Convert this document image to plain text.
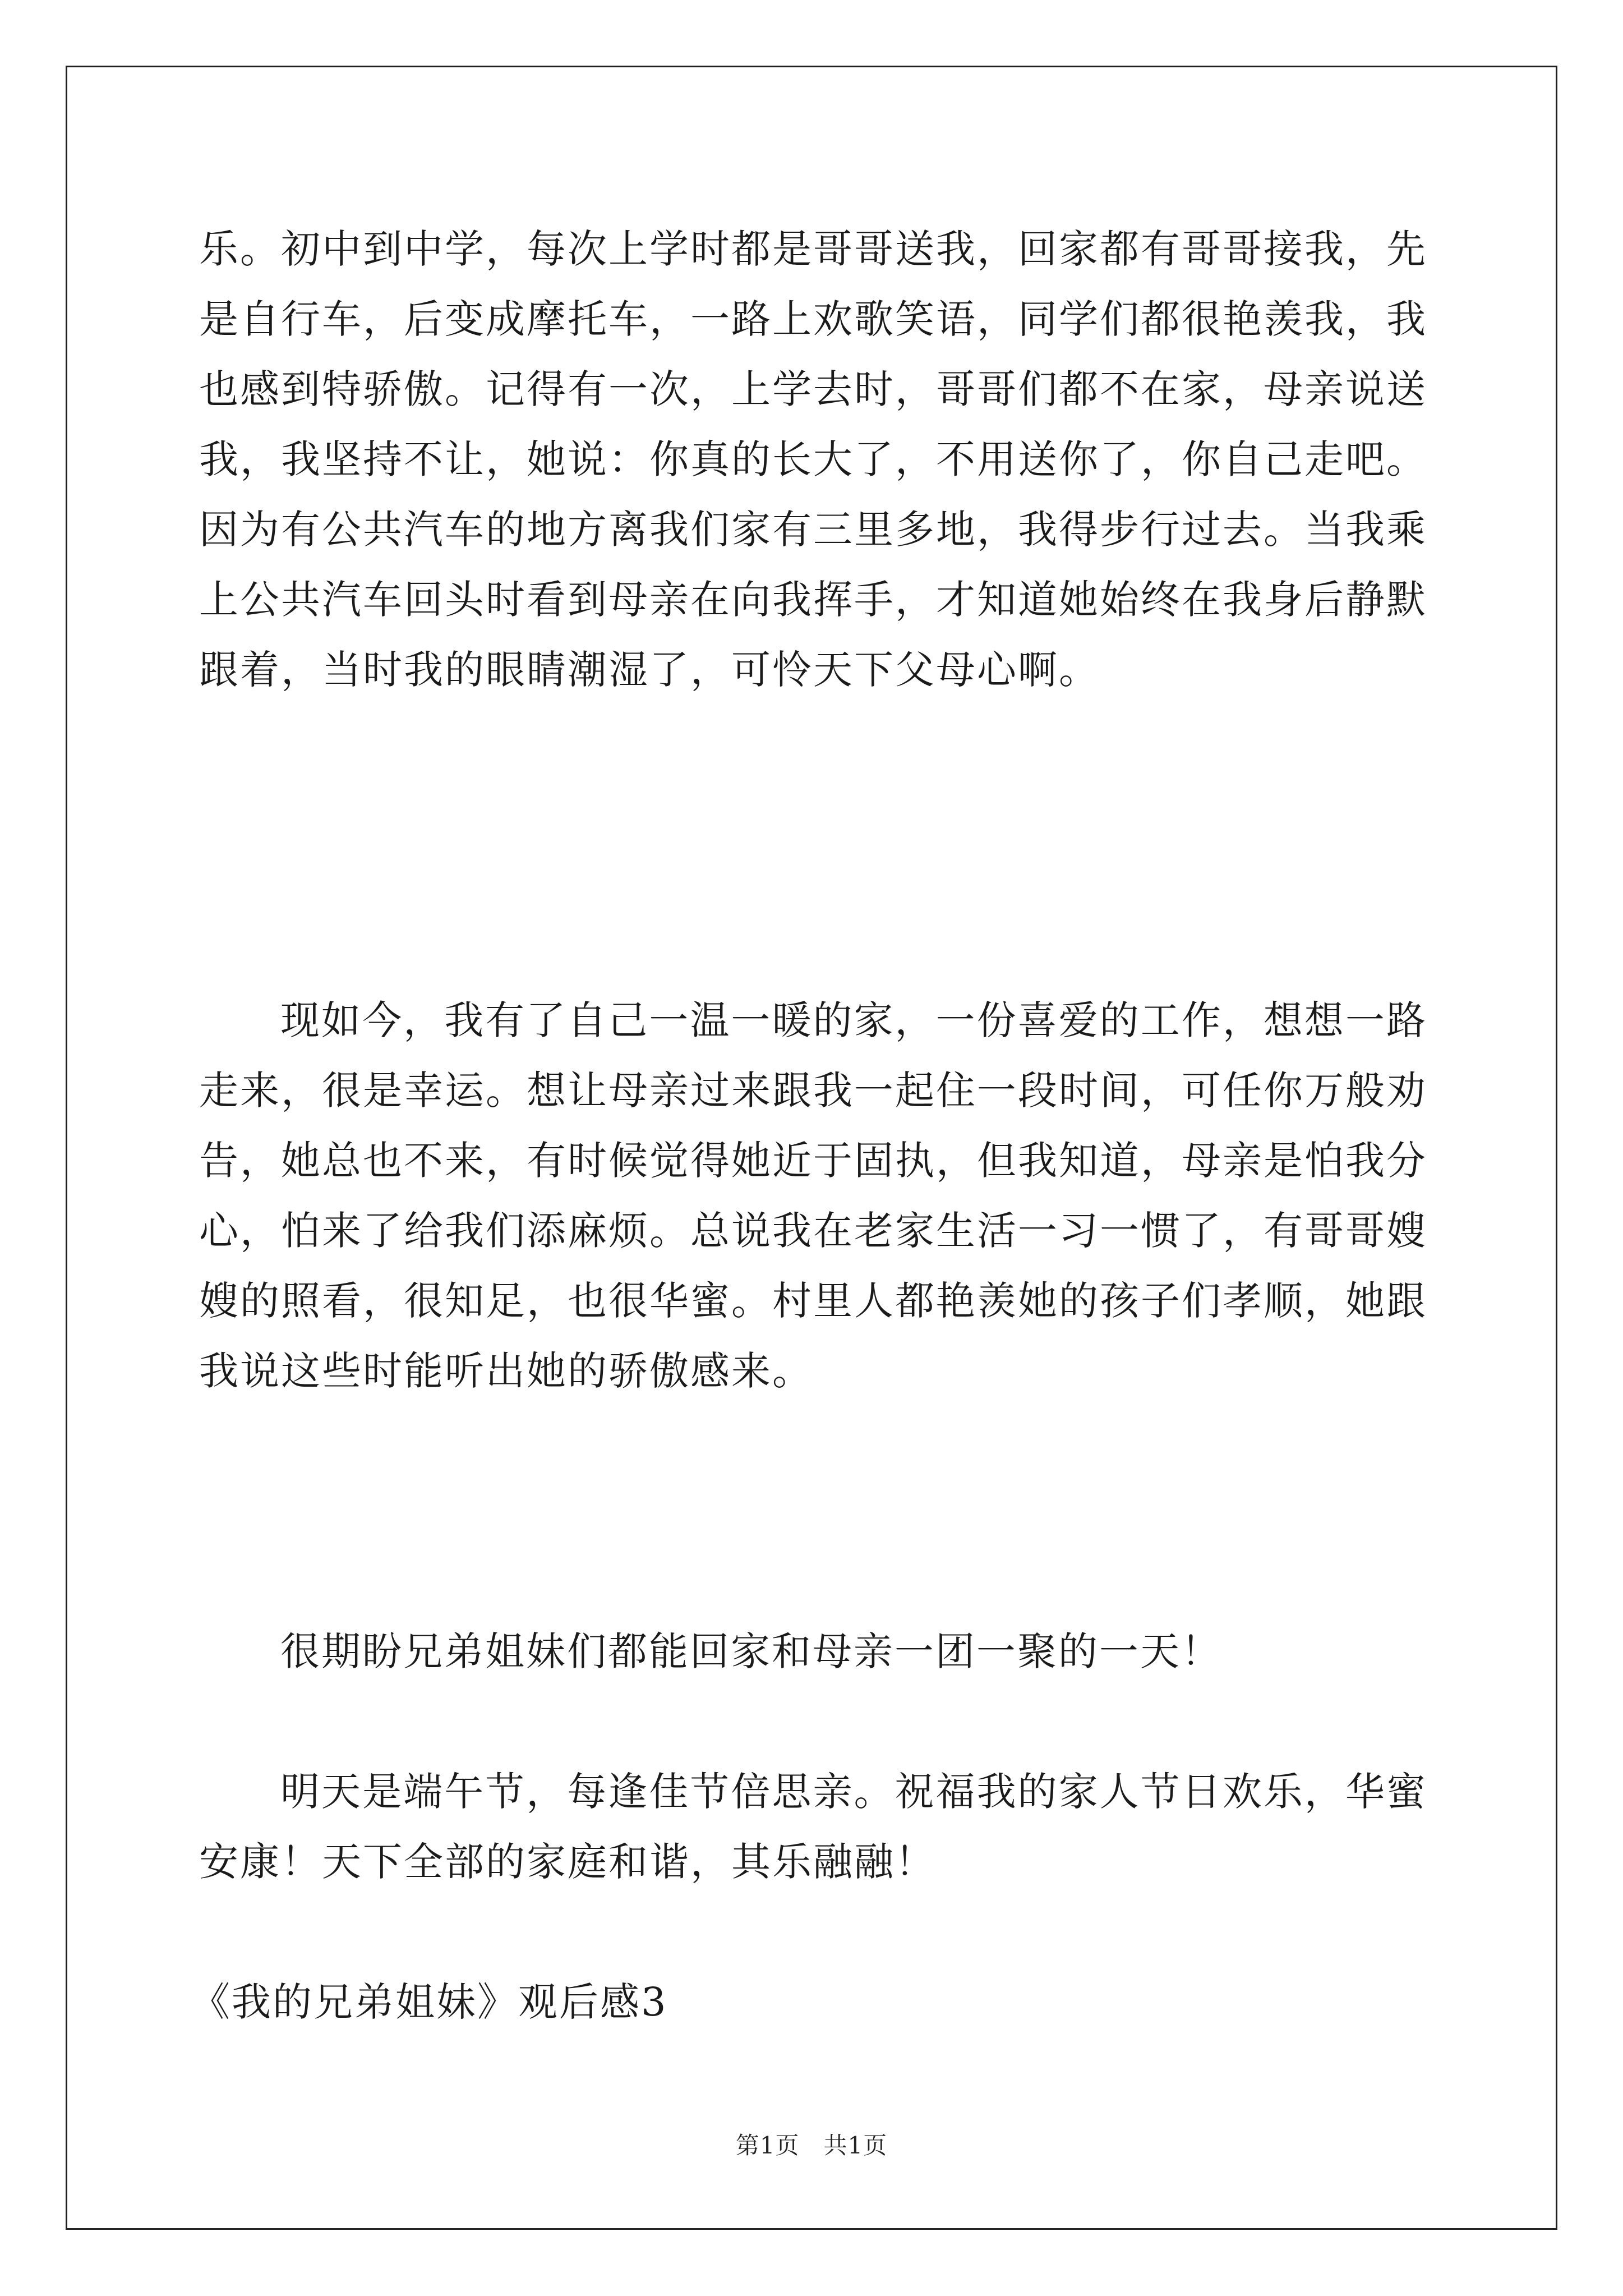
乐。初中到中学，每次上学时都是哥哥送我，回家都有哥哥接我，先是自行车，后变成摩托车，一路上欢歌笑语，同学们都很艳羡我，我也感到特骄傲。记得有一次，上学去时，哥哥们都不在家，母亲说送我，我坚持不让，她说：你真的长大了，不用送你了，你自己走吧。因为有公共汽车的地方离我们家有三里多地，我得步行过去。当我乘上公共汽车回头时看到母亲在向我挥手，才知道她始终在我身后静默跟着，当时我的眼睛潮湿了，可怜天下父母心啊。

现如今，我有了自己一温一暖的家，一份喜爱的工作，想想一路走来，很是幸运。想让母亲过来跟我一起住一段时间，可任你万般劝告，她总也不来，有时候觉得她近于固执，但我知道，母亲是怕我分心，怕来了给我们添麻烦。总说我在老家生活一习一惯了，有哥哥嫂嫂的照看，很知足，也很华蜜。村里人都艳羡她的孩子们孝顺，她跟我说这些时能听出她的骄傲感来。

很期盼兄弟姐妹们都能回家和母亲一团一聚的一天！

明天是端午节，每逢佳节倍思亲。祝福我的家人节日欢乐，华蜜安康！天下全部的家庭和谐，其乐融融！

《我的兄弟姐妹》观后感3
第1页　共1页
